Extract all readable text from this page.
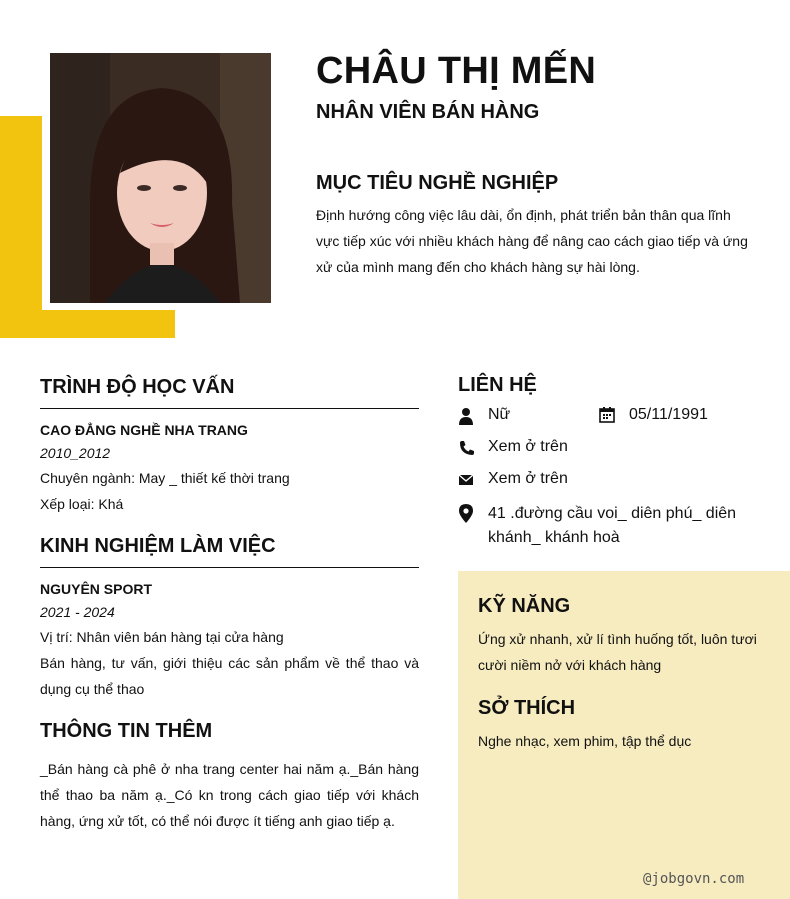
CHÂU THỊ MẾN
NHÂN VIÊN BÁN HÀNG
MỤC TIÊU NGHỀ NGHIỆP
Định hướng công việc lâu dài, ổn định, phát triển bản thân qua lĩnh vực tiếp xúc với nhiều khách hàng để nâng cao cách giao tiếp và ứng xử của mình mang đến cho khách hàng sự hài lòng.
TRÌNH ĐỘ HỌC VẤN
CAO ĐẲNG NGHỀ NHA TRANG
2010_2012
Chuyên ngành: May _ thiết kế thời trang
Xếp loại: Khá
KINH NGHIỆM LÀM VIỆC
NGUYÊN SPORT
2021 - 2024
Vị trí: Nhân viên bán hàng tại cửa hàng
Bán hàng, tư vấn, giới thiệu các sản phẩm về thể thao và dụng cụ thể thao
THÔNG TIN THÊM
_Bán hàng cà phê ở nha trang center hai năm ạ._Bán hàng thể thao ba năm ạ._Có kn trong cách giao tiếp với khách hàng, ứng xử tốt, có thể nói được ít tiếng anh giao tiếp ạ.
LIÊN HỆ
Nữ	05/11/1991
Xem ở trên
Xem ở trên
41 .đường cầu voi_ diên phú_ diên khánh_ khánh hoà
KỸ NĂNG
Ứng xử nhanh, xử lí tình huống tốt, luôn tươi cười niềm nở với khách hàng
SỞ THÍCH
Nghe nhạc, xem phim, tập thể dục
@jobgovn.com
